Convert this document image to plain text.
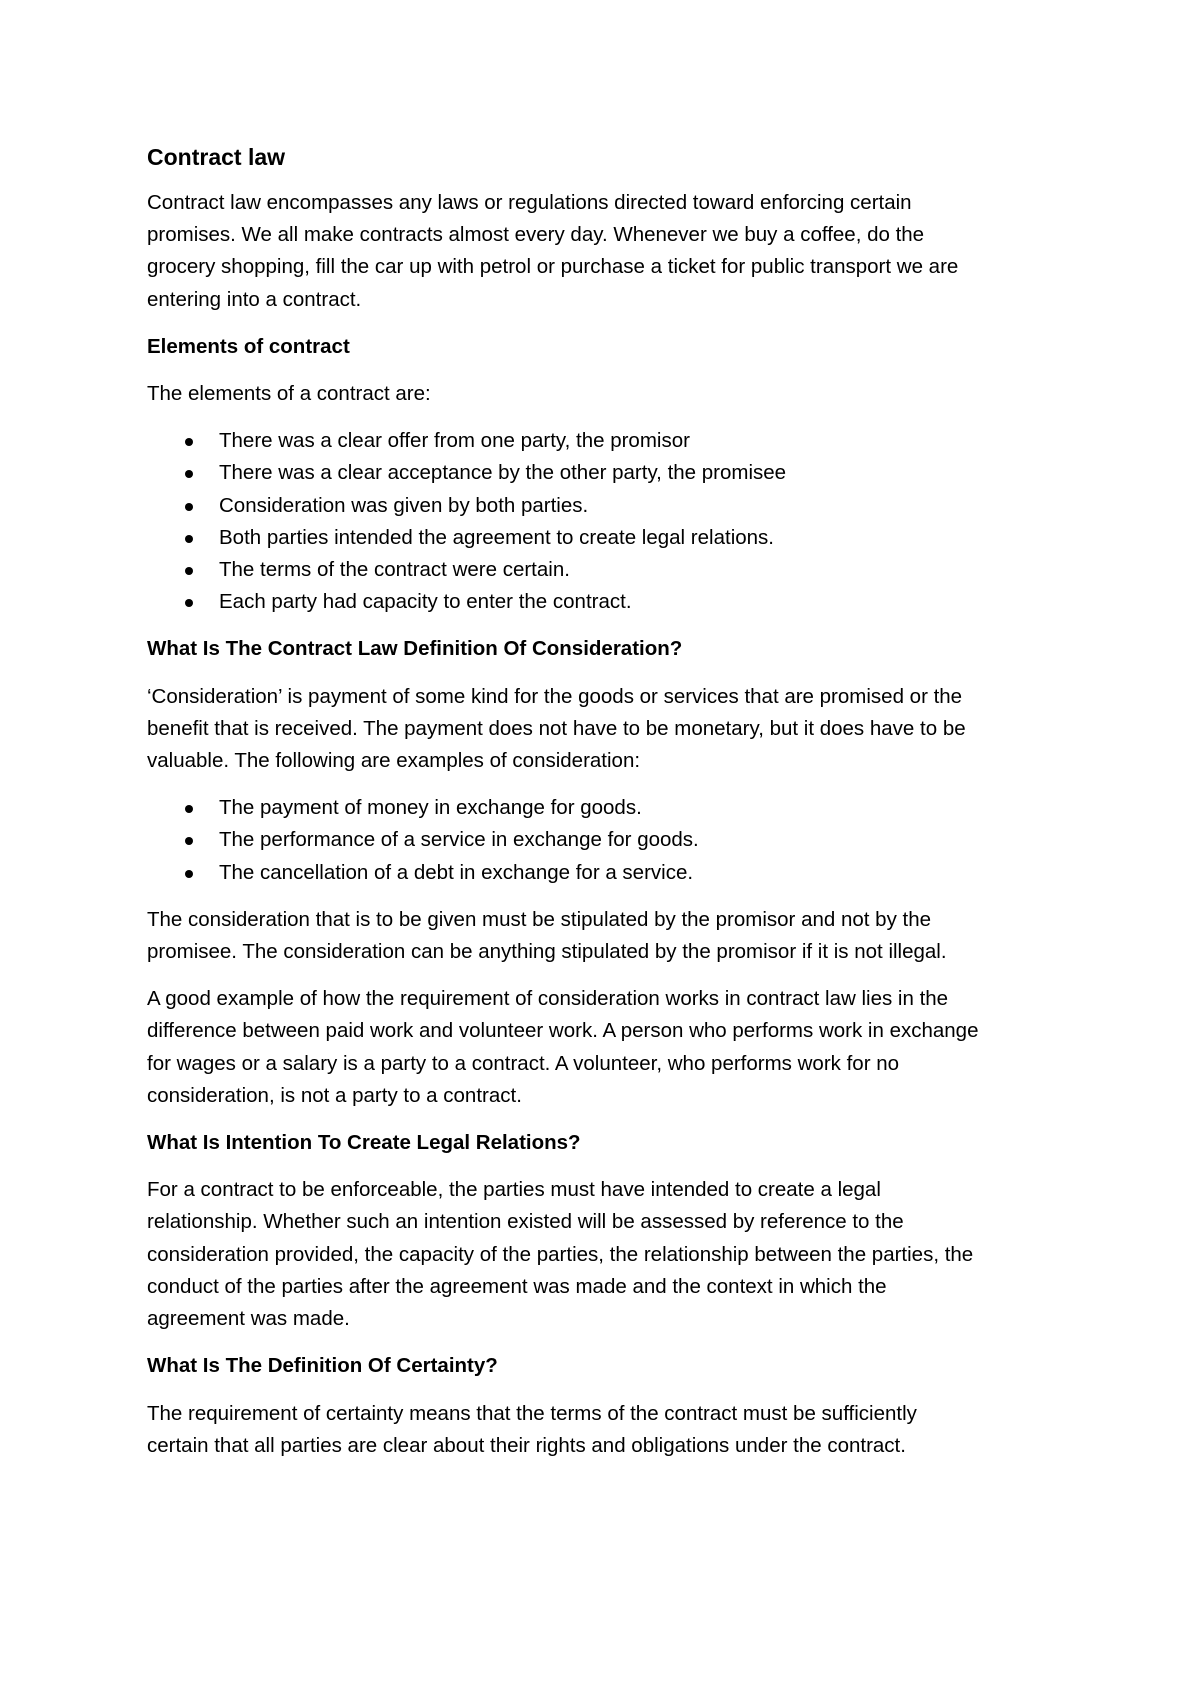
Contract law

Contract law encompasses any laws or regulations directed toward enforcing certain
promises. We all make contracts almost every day. Whenever we buy a coffee, do the
grocery shopping, fill the car up with petrol or purchase a ticket for public transport we are
entering into a contract.

Elements of contract

The elements of a contract are:

There was a clear offer from one party, the promisor
There was a clear acceptance by the other party, the promisee
Consideration was given by both parties.
Both parties intended the agreement to create legal relations.
The terms of the contract were certain.
Each party had capacity to enter the contract.
What Is The Contract Law Definition Of Consideration?

‘Consideration’ is payment of some kind for the goods or services that are promised or the
benefit that is received. The payment does not have to be monetary, but it does have to be
valuable. The following are examples of consideration:

The payment of money in exchange for goods.
The performance of a service in exchange for goods.
The cancellation of a debt in exchange for a service.

The consideration that is to be given must be stipulated by the promisor and not by the
promisee. The consideration can be anything stipulated by the promisor if it is not illegal.

A good example of how the requirement of consideration works in contract law lies in the
difference between paid work and volunteer work. A person who performs work in exchange
for wages or a salary is a party to a contract. A volunteer, who performs work for no
consideration, is not a party to a contract.

What Is Intention To Create Legal Relations?

For a contract to be enforceable, the parties must have intended to create a legal
relationship. Whether such an intention existed will be assessed by reference to the
consideration provided, the capacity of the parties, the relationship between the parties, the
conduct of the parties after the agreement was made and the context in which the
agreement was made.

What Is The Definition Of Certainty?

The requirement of certainty means that the terms of the contract must be sufficiently
certain that all parties are clear about their rights and obligations under the contract.
